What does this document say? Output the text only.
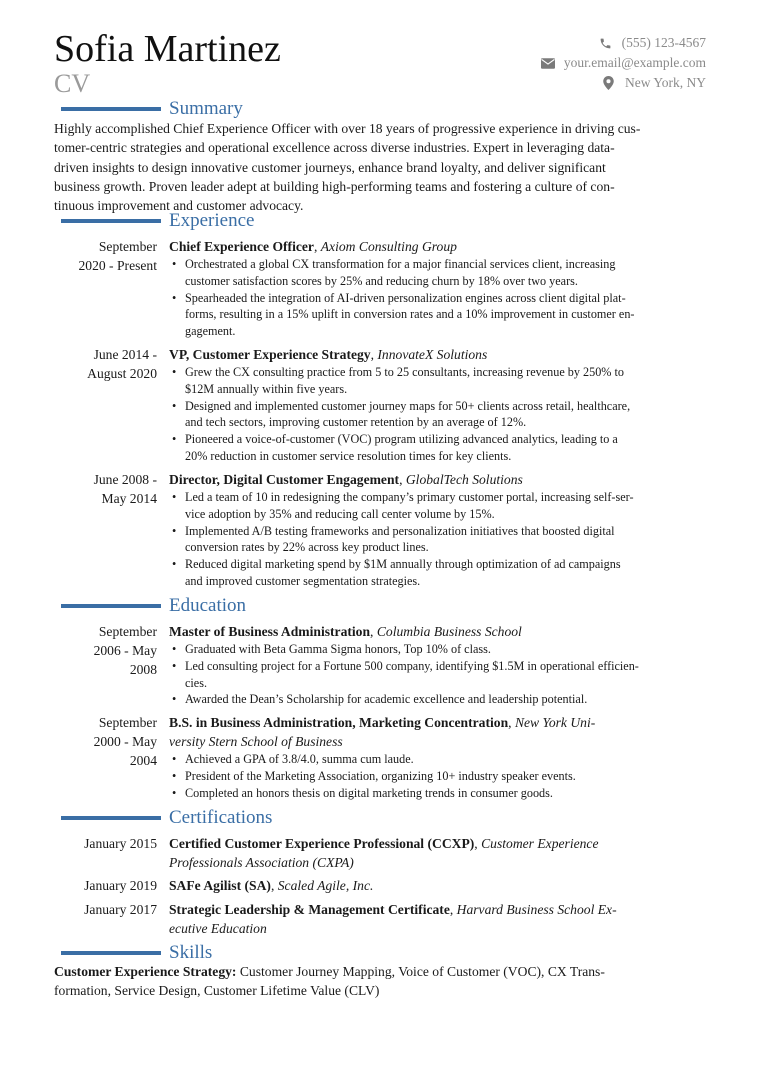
Sofia Martinez
CV
(555) 123-4567
your.email@example.com
New York, NY
Summary
Highly accomplished Chief Experience Officer with over 18 years of progressive experience in driving cus-
tomer-centric strategies and operational excellence across diverse industries. Expert in leveraging data-
driven insights to design innovative customer journeys, enhance brand loyalty, and deliver significant
business growth. Proven leader adept at building high-performing teams and fostering a culture of con-
tinuous improvement and customer advocacy.
Experience
September
2020 - Present
Chief Experience Officer, Axiom Consulting Group
• Orchestrated a global CX transformation for a major financial services client, increasing
customer satisfaction scores by 25% and reducing churn by 18% over two years.
• Spearheaded the integration of AI-driven personalization engines across client digital plat-
forms, resulting in a 15% uplift in conversion rates and a 10% improvement in customer en-
gagement.
June 2014 -
August 2020
VP, Customer Experience Strategy, InnovateX Solutions
• Grew the CX consulting practice from 5 to 25 consultants, increasing revenue by 250% to
$12M annually within five years.
• Designed and implemented customer journey maps for 50+ clients across retail, healthcare,
and tech sectors, improving customer retention by an average of 12%.
• Pioneered a voice-of-customer (VOC) program utilizing advanced analytics, leading to a
20% reduction in customer service resolution times for key clients.
June 2008 -
May 2014
Director, Digital Customer Engagement, GlobalTech Solutions
• Led a team of 10 in redesigning the company’s primary customer portal, increasing self-ser-
vice adoption by 35% and reducing call center volume by 15%.
• Implemented A/B testing frameworks and personalization initiatives that boosted digital
conversion rates by 22% across key product lines.
• Reduced digital marketing spend by $1M annually through optimization of ad campaigns
and improved customer segmentation strategies.
Education
September
2006 - May
2008
Master of Business Administration, Columbia Business School
• Graduated with Beta Gamma Sigma honors, Top 10% of class.
• Led consulting project for a Fortune 500 company, identifying $1.5M in operational efficien-
cies.
• Awarded the Dean’s Scholarship for academic excellence and leadership potential.
September
2000 - May
2004
B.S. in Business Administration, Marketing Concentration, New York Uni-
versity Stern School of Business
• Achieved a GPA of 3.8/4.0, summa cum laude.
• President of the Marketing Association, organizing 10+ industry speaker events.
• Completed an honors thesis on digital marketing trends in consumer goods.
Certifications
January 2015 Certified Customer Experience Professional (CCXP), Customer Experience
Professionals Association (CXPA)
January 2019 SAFe Agilist (SA), Scaled Agile, Inc.
January 2017 Strategic Leadership & Management Certificate, Harvard Business School Ex-
ecutive Education
Skills
Customer Experience Strategy: Customer Journey Mapping, Voice of Customer (VOC), CX Trans-
formation, Service Design, Customer Lifetime Value (CLV)
